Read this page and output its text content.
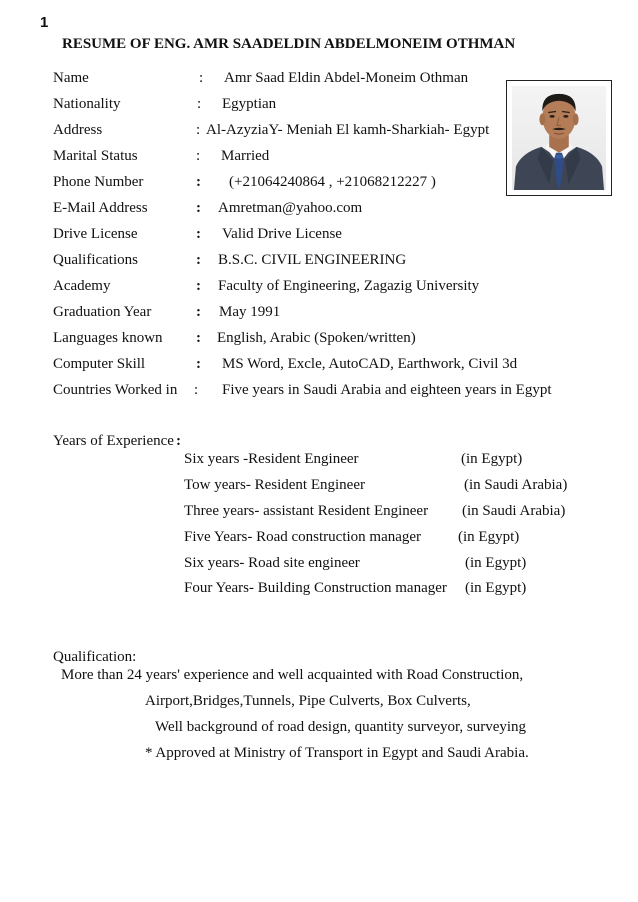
1
RESUME OF ENG. AMR SAADELDIN ABDELMONEIM OTHMAN
Name	: Amr Saad Eldin Abdel-Moneim Othman
Nationality	: Egyptian
Address	: Al-AzyziaY- Meniah El kamh-Sharkiah- Egypt
Marital Status	: Married
Phone Number	: (+21064240864 , +21068212227 )
E-Mail Address	: Amretman@yahoo.com
Drive License	: Valid Drive License
Qualifications	: B.S.C. CIVIL ENGINEERING
Academy	: Faculty of Engineering, Zagazig University
Graduation Year	: May 1991
Languages known : English, Arabic (Spoken/written)
Computer Skill	: MS Word, Excle, AutoCAD, Earthwork, Civil 3d
Countries Worked in : Five years in Saudi Arabia and eighteen years in Egypt
Years of Experience :
Six years -Resident Engineer	(in Egypt)
Tow years- Resident Engineer	(in Saudi Arabia)
Three years- assistant Resident Engineer (in Saudi Arabia)
Five Years- Road construction manager (in Egypt)
Six years- Road site engineer	(in Egypt)
Four Years- Building Construction manager (in Egypt)
Qualification:
More than 24 years' experience and well acquainted with Road Construction,
Airport,Bridges,Tunnels, Pipe Culverts, Box Culverts,
Well background of road design, quantity surveyor, surveying
* Approved at Ministry of Transport in Egypt and Saudi Arabia.
